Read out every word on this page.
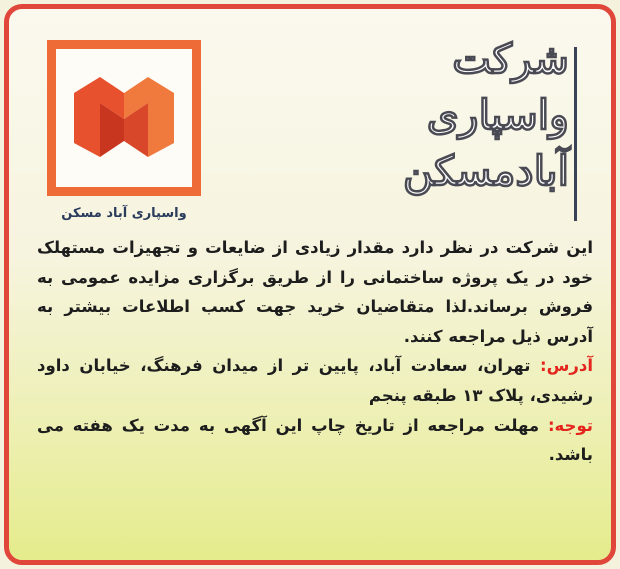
واسپاری آباد مسکن
شرکت
واسپاری
آبادمسکن

این شرکت در نظر دارد مقدار زیادی از ضایعات و تجهیزات مستهلک خود در یک پروژه ساختمانی را از طریق برگزاری مزایده عمومی به فروش برساند.لذا متقاضیان خرید جهت کسب اطلاعات بیشتر به آدرس ذیل مراجعه کنند.

آدرس: تهران، سعادت آباد، پایین تر از میدان فرهنگ، خیابان داود رشیدی، پلاک ۱۳ طبقه پنجم

توجه: مهلت مراجعه از تاریخ چاپ این آگهی به مدت یک هفته می باشد.
